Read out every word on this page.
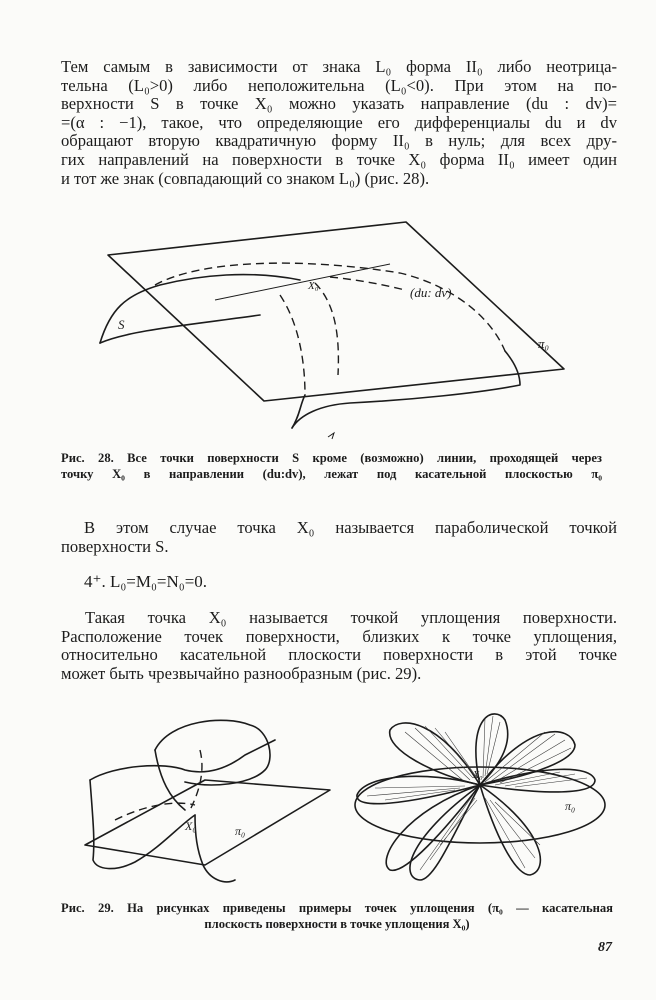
Тем самым в зависимости от знака L₀ форма II₀ либо неотрица-
тельна (L₀>0) либо неположительна (L₀<0). При этом на по-
верхности S в точке X₀ можно указать направление (du : dv)=
=(α : −1), такое, что определяющие его дифференциалы du и dv
обращают вторую квадратичную форму II₀ в нуль; для всех дру-
гих направлений на поверхности в точке X₀ форма II₀ имеет один
и тот же знак (совпадающий со знаком L₀) (рис. 28).
S
X₀	(du: dv)
π₀
Рис. 28. Все точки поверхности S кроме (возможно) линии, проходящей через
точку X₀ в направлении (du:dv), лежат под касательной плоскостью π₀
В этом случае точка X₀ называется параболической точкой
поверхности S.
4⁺. L₀=M₀=N₀=0.
Такая точка X₀ называется точкой уплощения поверхности.
Расположение точек поверхности, близких к точке уплощения,
относительно касательной плоскости поверхности в этой точке
может быть чрезвычайно разнообразным (рис. 29).
X₀	π₀
X₀
π₀
Рис. 29. На рисунках приведены примеры точек уплощения (π₀ — касательная
плоскость поверхности в точке уплощения X₀)
87
